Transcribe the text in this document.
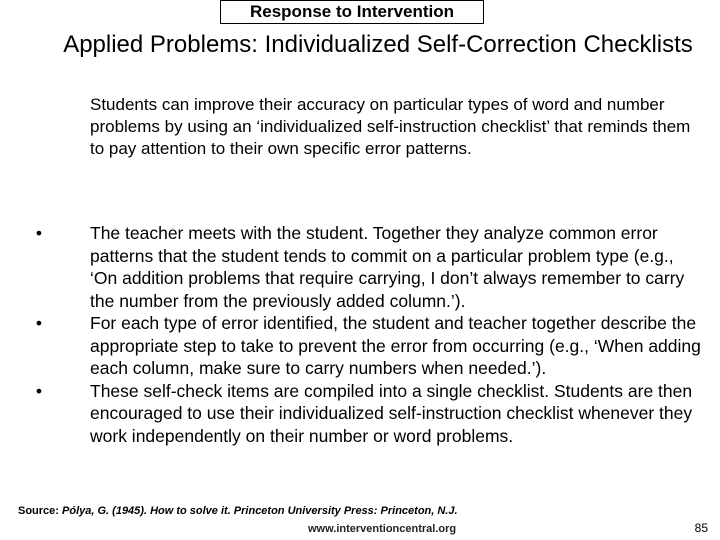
Response to Intervention
Applied Problems: Individualized Self-Correction Checklists
Students can improve their accuracy on particular types of word and number problems by using an ‘individualized self-instruction checklist’ that reminds them to pay attention to their own specific error patterns.
•	The teacher meets with the student. Together they analyze common error patterns that the student tends to commit on a particular problem type (e.g., ‘On addition problems that require carrying, I don’t always remember to carry the number from the previously added column.’).
•	For each type of error identified, the student and teacher together describe the appropriate step to take to prevent the error from occurring (e.g., ‘When adding each column, make sure to carry numbers when needed.’).
•	These self-check items are compiled into a single checklist. Students are then encouraged to use their individualized self-instruction checklist whenever they work independently on their number or word problems.
Source: Pólya, G. (1945). How to solve it. Princeton University Press: Princeton, N.J.
www.interventioncentral.org	85
